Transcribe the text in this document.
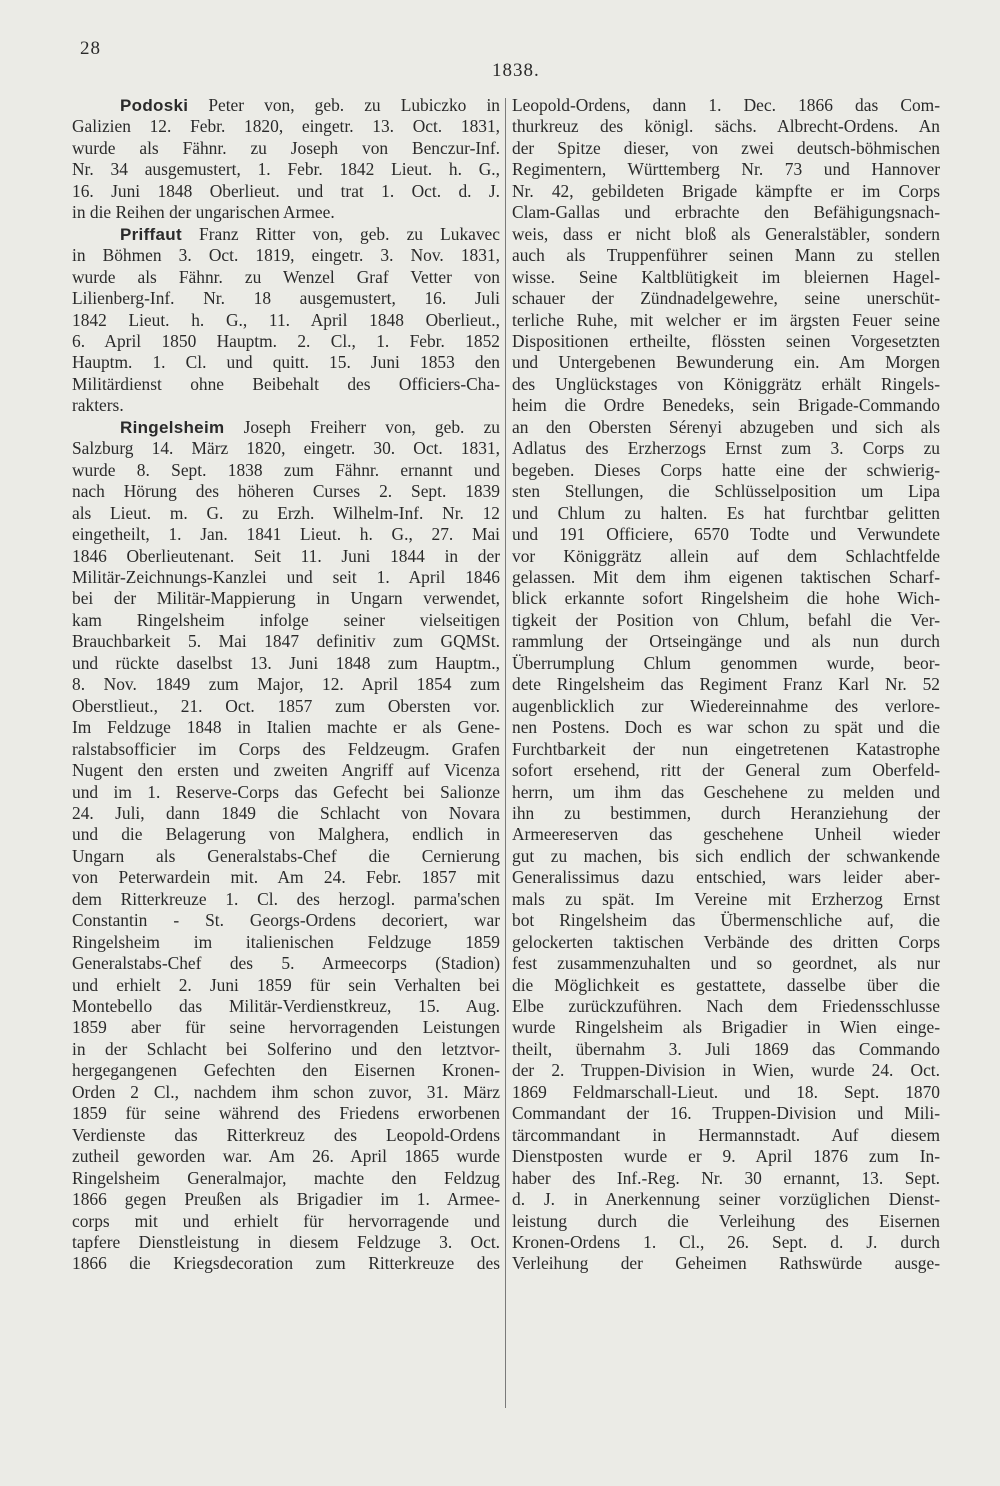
28
1838.
Podoski Peter von, geb. zu Lubiczko in
Galizien 12. Febr. 1820, eingetr. 13. Oct. 1831,
wurde als Fähnr. zu Joseph von Benczur-Inf.
Nr. 34 ausgemustert, 1. Febr. 1842 Lieut. h. G.,
16. Juni 1848 Oberlieut. und trat 1. Oct. d. J.
in die Reihen der ungarischen Armee.
Priffaut Franz Ritter von, geb. zu Lukavec
in Böhmen 3. Oct. 1819, eingetr. 3. Nov. 1831,
wurde als Fähnr. zu Wenzel Graf Vetter von
Lilienberg-Inf. Nr. 18 ausgemustert, 16. Juli
1842 Lieut. h. G., 11. April 1848 Oberlieut.,
6. April 1850 Hauptm. 2. Cl., 1. Febr. 1852
Hauptm. 1. Cl. und quitt. 15. Juni 1853 den
Militärdienst ohne Beibehalt des Officiers-Cha-
rakters.
Ringelsheim Joseph Freiherr von, geb. zu
Salzburg 14. März 1820, eingetr. 30. Oct. 1831,
wurde 8. Sept. 1838 zum Fähnr. ernannt und
nach Hörung des höheren Curses 2. Sept. 1839
als Lieut. m. G. zu Erzh. Wilhelm-Inf. Nr. 12
eingetheilt, 1. Jan. 1841 Lieut. h. G., 27. Mai
1846 Oberlieutenant. Seit 11. Juni 1844 in der
Militär-Zeichnungs-Kanzlei und seit 1. April 1846
bei der Militär-Mappierung in Ungarn verwendet,
kam Ringelsheim infolge seiner vielseitigen
Brauchbarkeit 5. Mai 1847 definitiv zum GQMSt.
und rückte daselbst 13. Juni 1848 zum Hauptm.,
8. Nov. 1849 zum Major, 12. April 1854 zum
Oberstlieut., 21. Oct. 1857 zum Obersten vor.
Im Feldzuge 1848 in Italien machte er als Gene-
ralstabsofficier im Corps des Feldzeugm. Grafen
Nugent den ersten und zweiten Angriff auf Vicenza
und im 1. Reserve-Corps das Gefecht bei Salionze
24. Juli, dann 1849 die Schlacht von Novara
und die Belagerung von Malghera, endlich in
Ungarn als Generalstabs-Chef die Cernierung
von Peterwardein mit. Am 24. Febr. 1857 mit
dem Ritterkreuze 1. Cl. des herzogl. parma'schen
Constantin - St. Georgs-Ordens decoriert, war
Ringelsheim im italienischen Feldzuge 1859
Generalstabs-Chef des 5. Armeecorps (Stadion)
und erhielt 2. Juni 1859 für sein Verhalten bei
Montebello das Militär-Verdienstkreuz, 15. Aug.
1859 aber für seine hervorragenden Leistungen
in der Schlacht bei Solferino und den letztvor-
hergegangenen Gefechten den Eisernen Kronen-
Orden 2 Cl., nachdem ihm schon zuvor, 31. März
1859 für seine während des Friedens erworbenen
Verdienste das Ritterkreuz des Leopold-Ordens
zutheil geworden war. Am 26. April 1865 wurde
Ringelsheim Generalmajor, machte den Feldzug
1866 gegen Preußen als Brigadier im 1. Armee-
corps mit und erhielt für hervorragende und
tapfere Dienstleistung in diesem Feldzuge 3. Oct.
1866 die Kriegsdecoration zum Ritterkreuze des
Leopold-Ordens, dann 1. Dec. 1866 das Com-
thurkreuz des königl. sächs. Albrecht-Ordens. An
der Spitze dieser, von zwei deutsch-böhmischen
Regimentern, Württemberg Nr. 73 und Hannover
Nr. 42, gebildeten Brigade kämpfte er im Corps
Clam-Gallas und erbrachte den Befähigungsnach-
weis, dass er nicht bloß als Generalstäbler, sondern
auch als Truppenführer seinen Mann zu stellen
wisse. Seine Kaltblütigkeit im bleiernen Hagel-
schauer der Zündnadelgewehre, seine unerschüt-
terliche Ruhe, mit welcher er im ärgsten Feuer seine
Dispositionen ertheilte, flössten seinen Vorgesetzten
und Untergebenen Bewunderung ein. Am Morgen
des Unglückstages von Königgrätz erhält Ringels-
heim die Ordre Benedeks, sein Brigade-Commando
an den Obersten Sérenyi abzugeben und sich als
Adlatus des Erzherzogs Ernst zum 3. Corps zu
begeben. Dieses Corps hatte eine der schwierig-
sten Stellungen, die Schlüsselposition um Lipa
und Chlum zu halten. Es hat furchtbar gelitten
und 191 Officiere, 6570 Todte und Verwundete
vor Königgrätz allein auf dem Schlachtfelde
gelassen. Mit dem ihm eigenen taktischen Scharf-
blick erkannte sofort Ringelsheim die hohe Wich-
tigkeit der Position von Chlum, befahl die Ver-
rammlung der Ortseingänge und als nun durch
Überrumplung Chlum genommen wurde, beor-
dete Ringelsheim das Regiment Franz Karl Nr. 52
augenblicklich zur Wiedereinnahme des verlore-
nen Postens. Doch es war schon zu spät und die
Furchtbarkeit der nun eingetretenen Katastrophe
sofort ersehend, ritt der General zum Oberfeld-
herrn, um ihm das Geschehene zu melden und
ihn zu bestimmen, durch Heranziehung der
Armeereserven das geschehene Unheil wieder
gut zu machen, bis sich endlich der schwankende
Generalissimus dazu entschied, wars leider aber-
mals zu spät. Im Vereine mit Erzherzog Ernst
bot Ringelsheim das Übermenschliche auf, die
gelockerten taktischen Verbände des dritten Corps
fest zusammenzuhalten und so geordnet, als nur
die Möglichkeit es gestattete, dasselbe über die
Elbe zurückzuführen. Nach dem Friedensschlusse
wurde Ringelsheim als Brigadier in Wien einge-
theilt, übernahm 3. Juli 1869 das Commando
der 2. Truppen-Division in Wien, wurde 24. Oct.
1869 Feldmarschall-Lieut. und 18. Sept. 1870
Commandant der 16. Truppen-Division und Mili-
tärcommandant in Hermannstadt. Auf diesem
Dienstposten wurde er 9. April 1876 zum In-
haber des Inf.-Reg. Nr. 30 ernannt, 13. Sept.
d. J. in Anerkennung seiner vorzüglichen Dienst-
leistung durch die Verleihung des Eisernen
Kronen-Ordens 1. Cl., 26. Sept. d. J. durch
Verleihung der Geheimen Rathswürde ausge-
